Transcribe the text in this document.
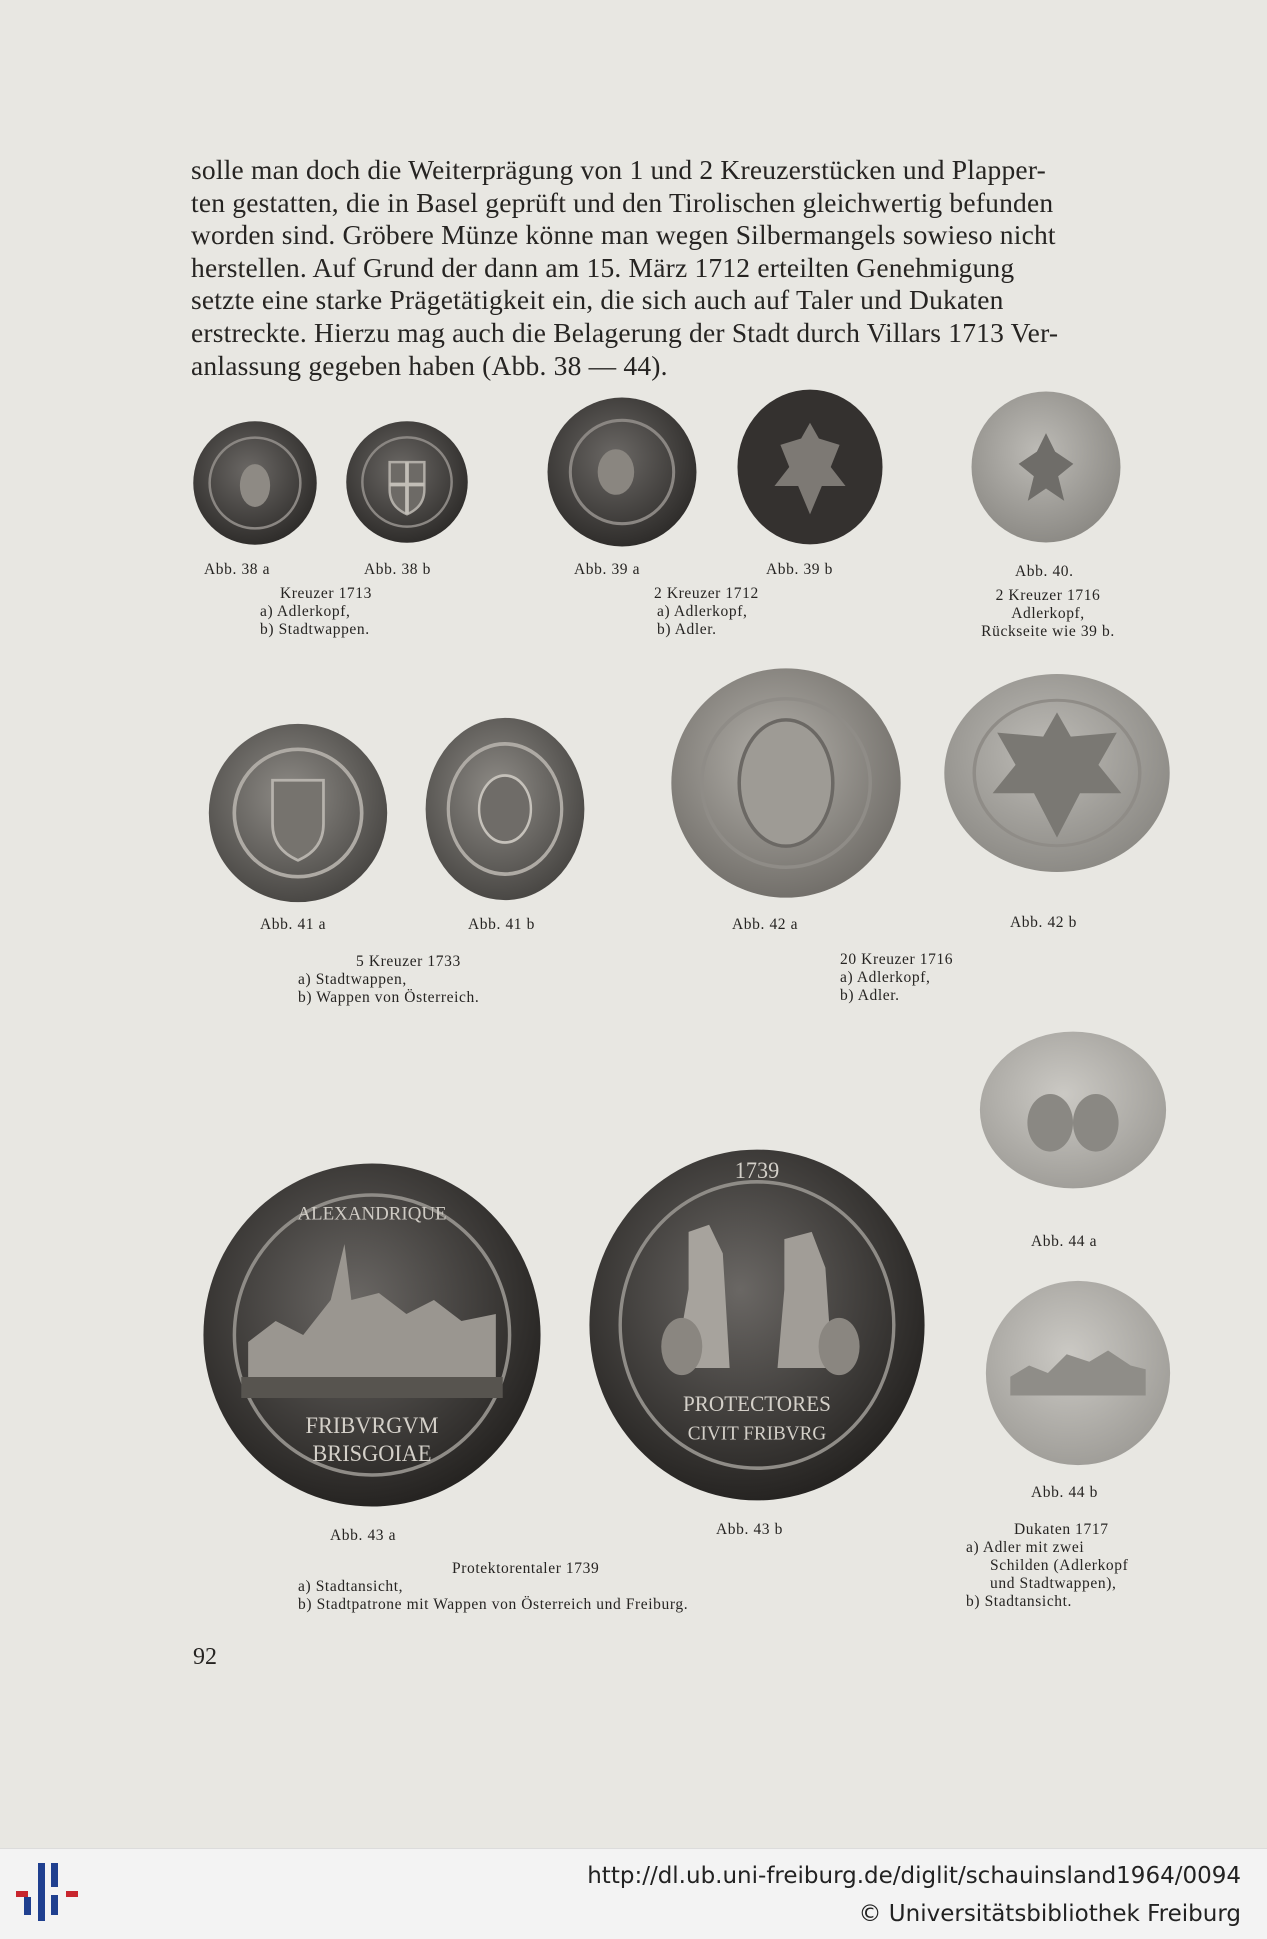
solle man doch die Weiterprägung von 1 und 2 Kreuzerstücken und Plapper-
ten gestatten, die in Basel geprüft und den Tirolischen gleichwertig befunden
worden sind. Gröbere Münze könne man wegen Silbermangels sowieso nicht
herstellen. Auf Grund der dann am 15. März 1712 erteilten Genehmigung
setzte eine starke Prägetätigkeit ein, die sich auch auf Taler und Dukaten
erstreckte. Hierzu mag auch die Belagerung der Stadt durch Villars 1713 Ver-
anlassung gegeben haben (Abb. 38 — 44).
Abb. 38 a	Abb. 38 b	Abb. 39 a	Abb. 39 b	Abb. 40.
Kreuzer 1713
a) Adlerkopf,
b) Stadtwappen.
2 Kreuzer 1712
a) Adlerkopf,
b) Adler.
2 Kreuzer 1716
Adlerkopf,
Rückseite wie 39 b.
Abb. 41 a	Abb. 41 b	Abb. 42 a	Abb. 42 b
5 Kreuzer 1733
a) Stadtwappen,
b) Wappen von Österreich.
20 Kreuzer 1716
a) Adlerkopf,
b) Adler.
FRIBVRGVM
BRISGOIAE
ALEXANDRIQUE
1739
PROTECTORES
CIVIT FRIBVRG
Abb. 44 a
Abb. 44 b
Abb. 43 a	Abb. 43 b
Protektorentaler 1739
a) Stadtansicht,
b) Stadtpatrone mit Wappen von Österreich und Freiburg.
Dukaten 1717
a) Adler mit zwei
Schilden (Adlerkopf
und Stadtwappen),
b) Stadtansicht.
92
http://dl.ub.uni-freiburg.de/diglit/schauinsland1964/0094
© Universitätsbibliothek Freiburg
